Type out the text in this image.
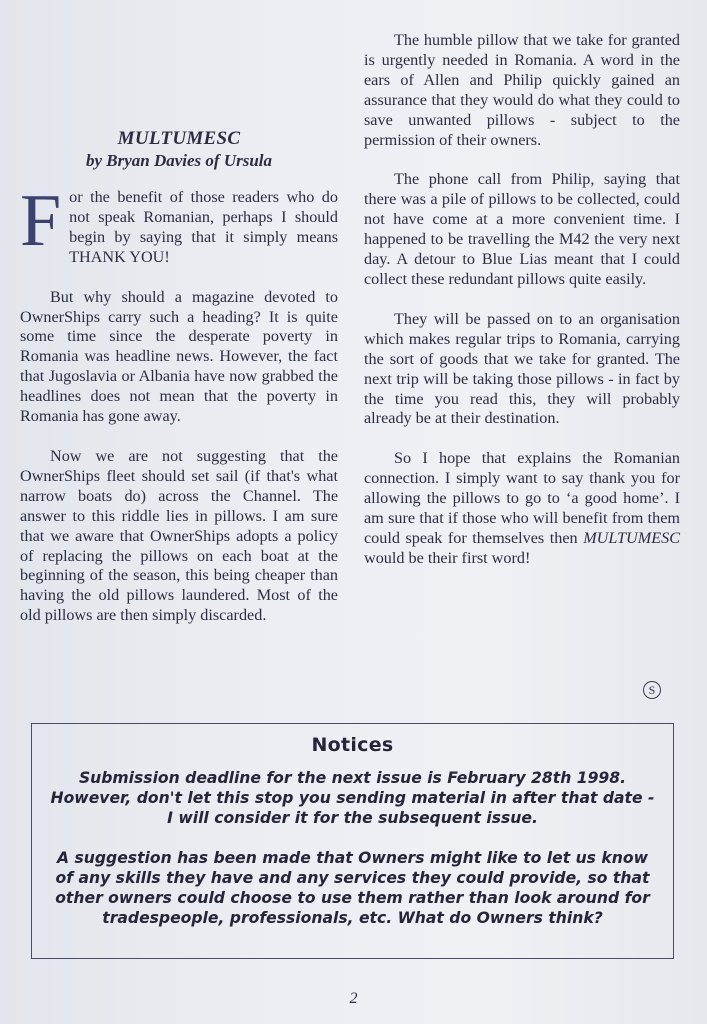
MULTUMESC
by Bryan Davies of Ursula

For the benefit of those readers who do not speak Romanian, perhaps I should begin by saying that it simply means THANK YOU!

But why should a magazine devoted to OwnerShips carry such a heading? It is quite some time since the desperate poverty in Romania was headline news. However, the fact that Jugoslavia or Albania have now grabbed the headlines does not mean that the poverty in Romania has gone away.

Now we are not suggesting that the OwnerShips fleet should set sail (if that's what narrow boats do) across the Channel. The answer to this riddle lies in pillows. I am sure that we aware that OwnerShips adopts a policy of replacing the pillows on each boat at the beginning of the season, this being cheaper than having the old pillows laundered. Most of the old pillows are then simply discarded.

The humble pillow that we take for granted is urgently needed in Romania. A word in the ears of Allen and Philip quickly gained an assurance that they would do what they could to save unwanted pillows - subject to the permission of their owners.

The phone call from Philip, saying that there was a pile of pillows to be collected, could not have come at a more convenient time. I happened to be travelling the M42 the very next day. A detour to Blue Lias meant that I could collect these redundant pillows quite easily.

They will be passed on to an organisation which makes regular trips to Romania, carrying the sort of goods that we take for granted. The next trip will be taking those pillows - in fact by the time you read this, they will probably already be at their destination.

So I hope that explains the Romanian connection. I simply want to say thank you for allowing the pillows to go to ‘a good home’. I am sure that if those who will benefit from them could speak for themselves then MULTUMESC would be their first word!

S
Notices

Submission deadline for the next issue is February 28th 1998. However, don't let this stop you sending material in after that date - I will consider it for the subsequent issue.

A suggestion has been made that Owners might like to let us know of any skills they have and any services they could provide, so that other owners could choose to use them rather than look around for tradespeople, professionals, etc. What do Owners think?

2
